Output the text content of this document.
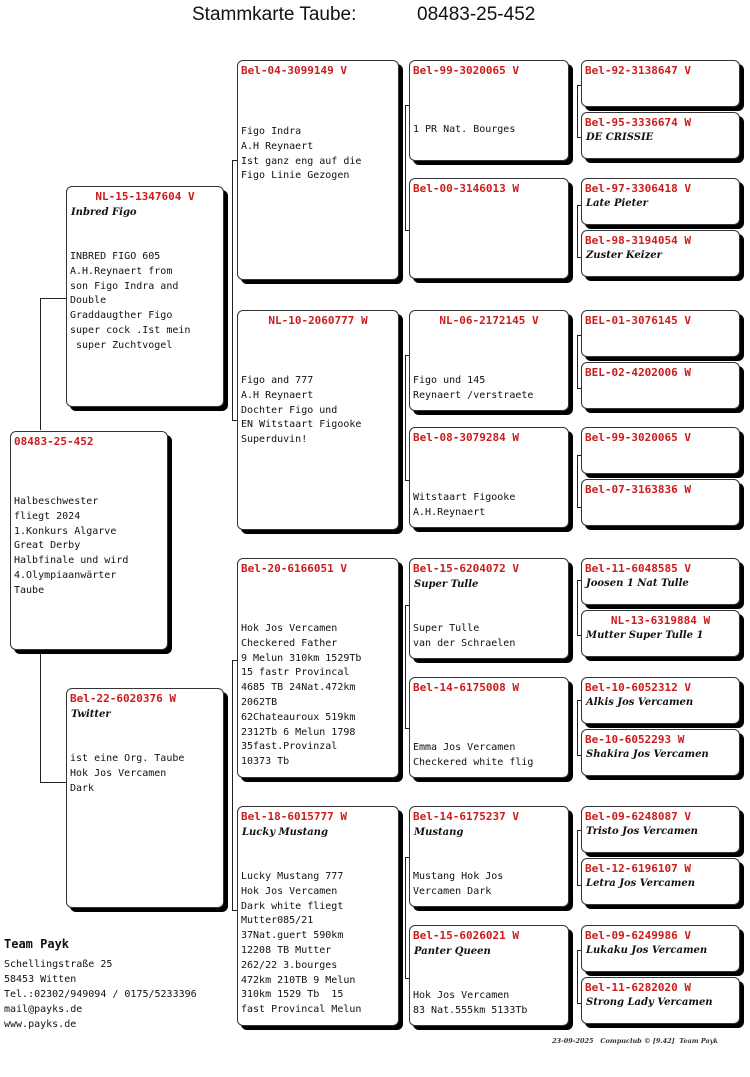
Stammkarte Taube:	08483-25-452
08483-25-452
Halbeschwester
fliegt 2024
1.Konkurs Algarve
Great Derby
Halbfinale und wird
4.Olympiaanwärter
Taube
NL-15-1347604 V
Inbred Figo
INBRED FIGO 605
A.H.Reynaert from
son Figo Indra and
Double
Graddaugther Figo
super cock .Ist mein
super Zuchtvogel
Bel-22-6020376 W
Twitter
ist eine Org. Taube
Hok Jos Vercamen
Dark
Bel-04-3099149 V
Figo Indra
A.H Reynaert
Ist ganz eng auf die
Figo Linie Gezogen
NL-10-2060777 W
Figo and 777
A.H Reynaert
Dochter Figo und
EN Witstaart Figooke
Superduvin!
Bel-20-6166051 V
Hok Jos Vercamen
Checkered Father
9 Melun 310km 1529Tb
15 fastr Provincal
4685 TB 24Nat.472km
2062TB
62Chateauroux 519km
2312Tb 6 Melun 1798
35fast.Provinzal
10373 Tb
Bel-18-6015777 W
Lucky Mustang
Lucky Mustang 777
Hok Jos Vercamen
Dark white fliegt
Mutter085/21
37Nat.guert 590km
12208 TB Mutter
262/22 3.bourges
472km 210TB 9 Melun
310km 1529 Tb  15
fast Provincal Melun
Bel-99-3020065 V
1 PR Nat. Bourges
Bel-00-3146013 W
NL-06-2172145 V
Figo und 145
Reynaert /verstraete
Bel-08-3079284 W
Witstaart Figooke
A.H.Reynaert
Bel-15-6204072 V
Super Tulle
Super Tulle
van der Schraelen
Bel-14-6175008 W
Emma Jos Vercamen
Checkered white flig
Bel-14-6175237 V
Mustang
Mustang Hok Jos
Vercamen Dark
Bel-15-6026021 W
Panter Queen
Hok Jos Vercamen
83 Nat.555km 5133Tb
Bel-92-3138647 V
Bel-95-3336674 W
DE CRISSIE
Bel-97-3306418 V
Late Pieter
Bel-98-3194054 W
Zuster Keizer
BEL-01-3076145 V
BEL-02-4202006 W
Bel-99-3020065 V
Bel-07-3163836 W
Bel-11-6048585 V
Joosen 1 Nat Tulle
NL-13-6319884 W
Mutter Super Tulle 1
Bel-10-6052312 V
Alkis Jos Vercamen
Be-10-6052293 W
Shakira Jos Vercamen
Bel-09-6248087 V
Tristo Jos Vercamen
Bel-12-6196107 W
Letra Jos Vercamen
Bel-09-6249986 V
Lukaku Jos Vercamen
Bel-11-6282020 W
Strong Lady Vercamen
Team Payk
Schellingstraße 25
58453 Witten
Tel.:02302/949094 / 0175/5233396
mail@payks.de
www.payks.de
23-09-2025   Compuclub © [9.42]  Team Payk
